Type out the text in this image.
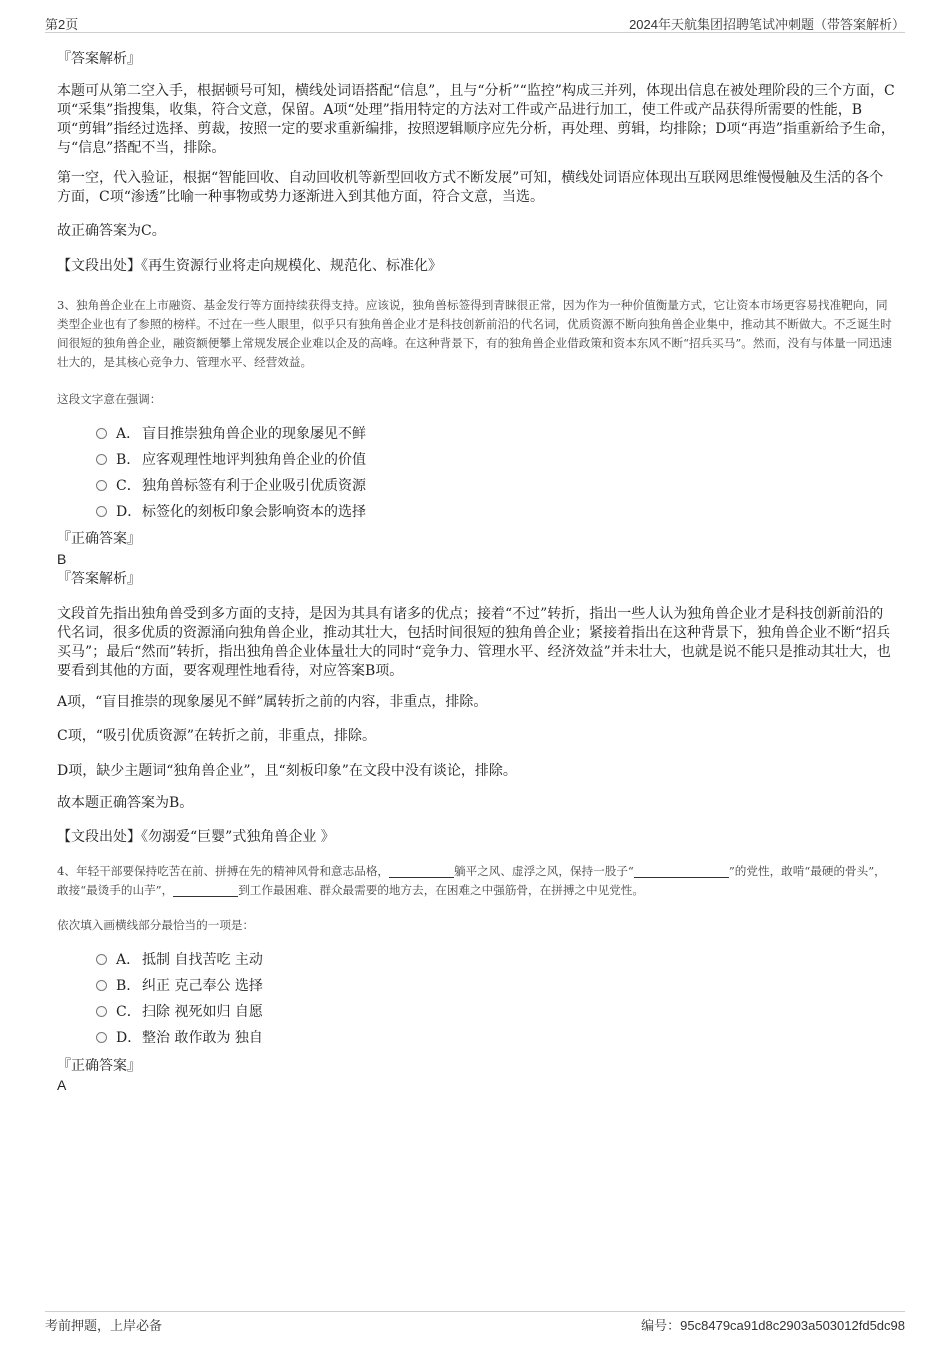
第2页	2024年天航集团招聘笔试冲刺题（带答案解析）
『答案解析』
本题可从第二空入手，根据顿号可知，横线处词语搭配“信息”，且与“分析”“监控”构成三并列，体现出信息在被处理阶段的三个方面，C项“采集”指搜集，收集，符合文意，保留。A项“处理”指用特定的方法对工件或产品进行加工，使工件或产品获得所需要的性能，B项“剪辑”指经过选择、剪裁，按照一定的要求重新编排，按照逻辑顺序应先分析，再处理、剪辑，均排除；D项“再造”指重新给予生命，与“信息”搭配不当，排除。
第一空，代入验证，根据“智能回收、自动回收机等新型回收方式不断发展”可知，横线处词语应体现出互联网思维慢慢触及生活的各个方面，C项“渗透”比喻一种事物或势力逐渐进入到其他方面，符合文意，当选。
故正确答案为C。
【文段出处】《再生资源行业将走向规模化、规范化、标准化》
3、独角兽企业在上市融资、基金发行等方面持续获得支持。应该说，独角兽标签得到青睐很正常，因为作为一种价值衡量方式，它让资本市场更容易找准靶向，同类型企业也有了参照的榜样。不过在一些人眼里，似乎只有独角兽企业才是科技创新前沿的代名词，优质资源不断向独角兽企业集中，推动其不断做大。不乏诞生时间很短的独角兽企业，融资额便攀上常规发展企业难以企及的高峰。在这种背景下，有的独角兽企业借政策和资本东风不断“招兵买马”。然而，没有与体量一同迅速壮大的，是其核心竞争力、管理水平、经营效益。
这段文字意在强调：
A． 盲目推崇独角兽企业的现象屡见不鲜
B. 应客观理性地评判独角兽企业的价值
C．独角兽标签有利于企业吸引优质资源
D．标签化的刻板印象会影响资本的选择
『正确答案』
B
『答案解析』
文段首先指出独角兽受到多方面的支持，是因为其具有诸多的优点；接着“不过”转折，指出一些人认为独角兽企业才是科技创新前沿的代名词，很多优质的资源涌向独角兽企业，推动其壮大，包括时间很短的独角兽企业；紧接着指出在这种背景下，独角兽企业不断“招兵买马”；最后“然而”转折，指出独角兽企业体量壮大的同时“竞争力、管理水平、经济效益”并未壮大，也就是说不能只是推动其壮大，也要看到其他的方面，要客观理性地看待，对应答案B项。
A项，“盲目推崇的现象屡见不鲜”属转折之前的内容，非重点，排除。
C项，“吸引优质资源”在转折之前，非重点，排除。
D项，缺少主题词“独角兽企业”，且“刻板印象”在文段中没有谈论，排除。
故本题正确答案为B。
【文段出处】《勿溺爱“巨婴”式独角兽企业 》
4、年轻干部要保持吃苦在前、拼搏在先的精神风骨和意志品格，	躺平之风、虚浮之风，保持一股子“	”的党性，敢啃“最硬的骨头”，敢接“最烫手的山芋”，	到工作最困难、群众最需要的地方去，在困难之中强筋骨，在拼搏之中见党性。
依次填入画横线部分最恰当的一项是：
A． 抵制 自找苦吃 主动
B. 纠正 克己奉公 选择
C．扫除 视死如归 自愿
D．整治 敢作敢为 独自
『正确答案』
A
考前押题，上岸必备	编号：95c8479ca91d8c2903a503012fd5dc98
